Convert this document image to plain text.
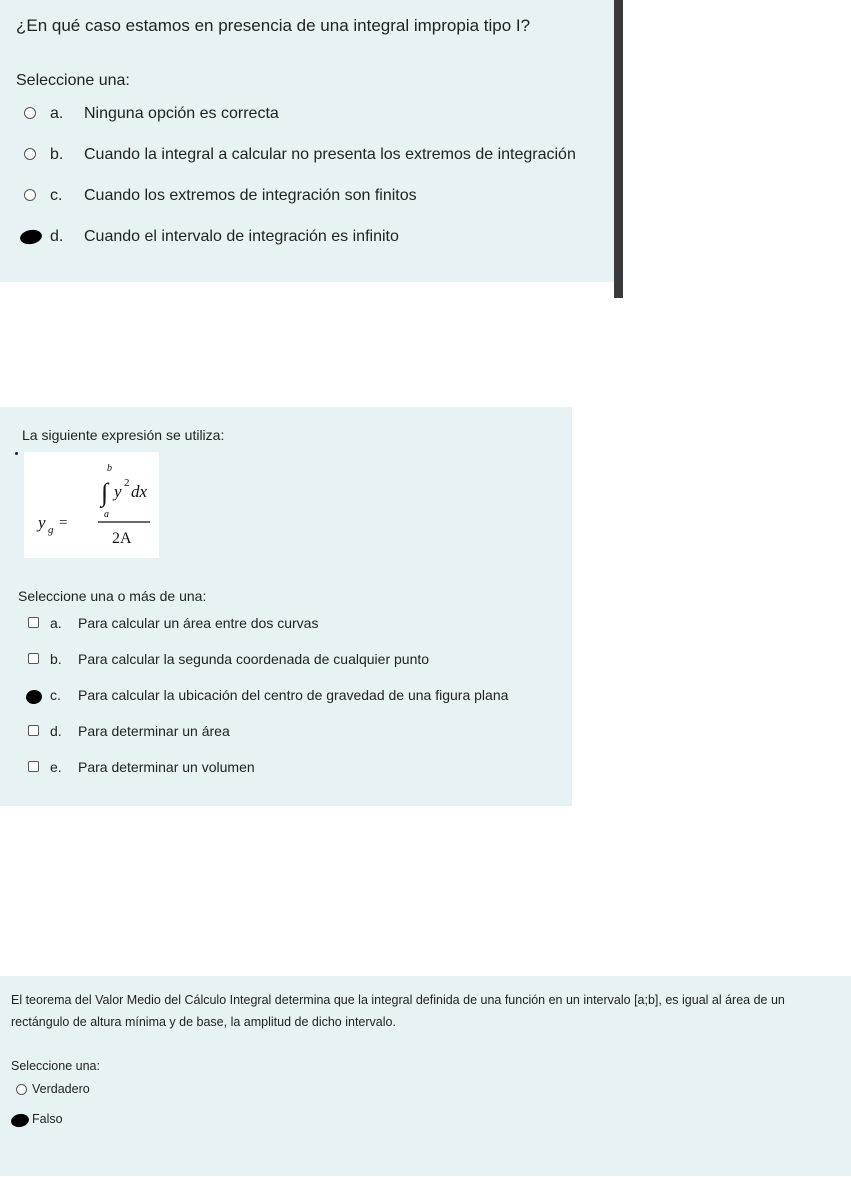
¿En qué caso estamos en presencia de una integral impropia tipo I?
Seleccione una:
a. Ninguna opción es correcta
b. Cuando la integral a calcular no presenta los extremos de integración
c. Cuando los extremos de integración son finitos
d. Cuando el intervalo de integración es infinito
La siguiente expresión se utiliza:
y g =
b
∫
a
y 2 dx
2A
Seleccione una o más de una:
a. Para calcular un área entre dos curvas
b. Para calcular la segunda coordenada de cualquier punto
c. Para calcular la ubicación del centro de gravedad de una figura plana
d. Para determinar un área
e. Para determinar un volumen
El teorema del Valor Medio del Cálculo Integral determina que la integral definida de una función en un intervalo [a;b], es igual al área de un rectángulo de altura mínima y de base, la amplitud de dicho intervalo.
Seleccione una:
Verdadero
Falso
